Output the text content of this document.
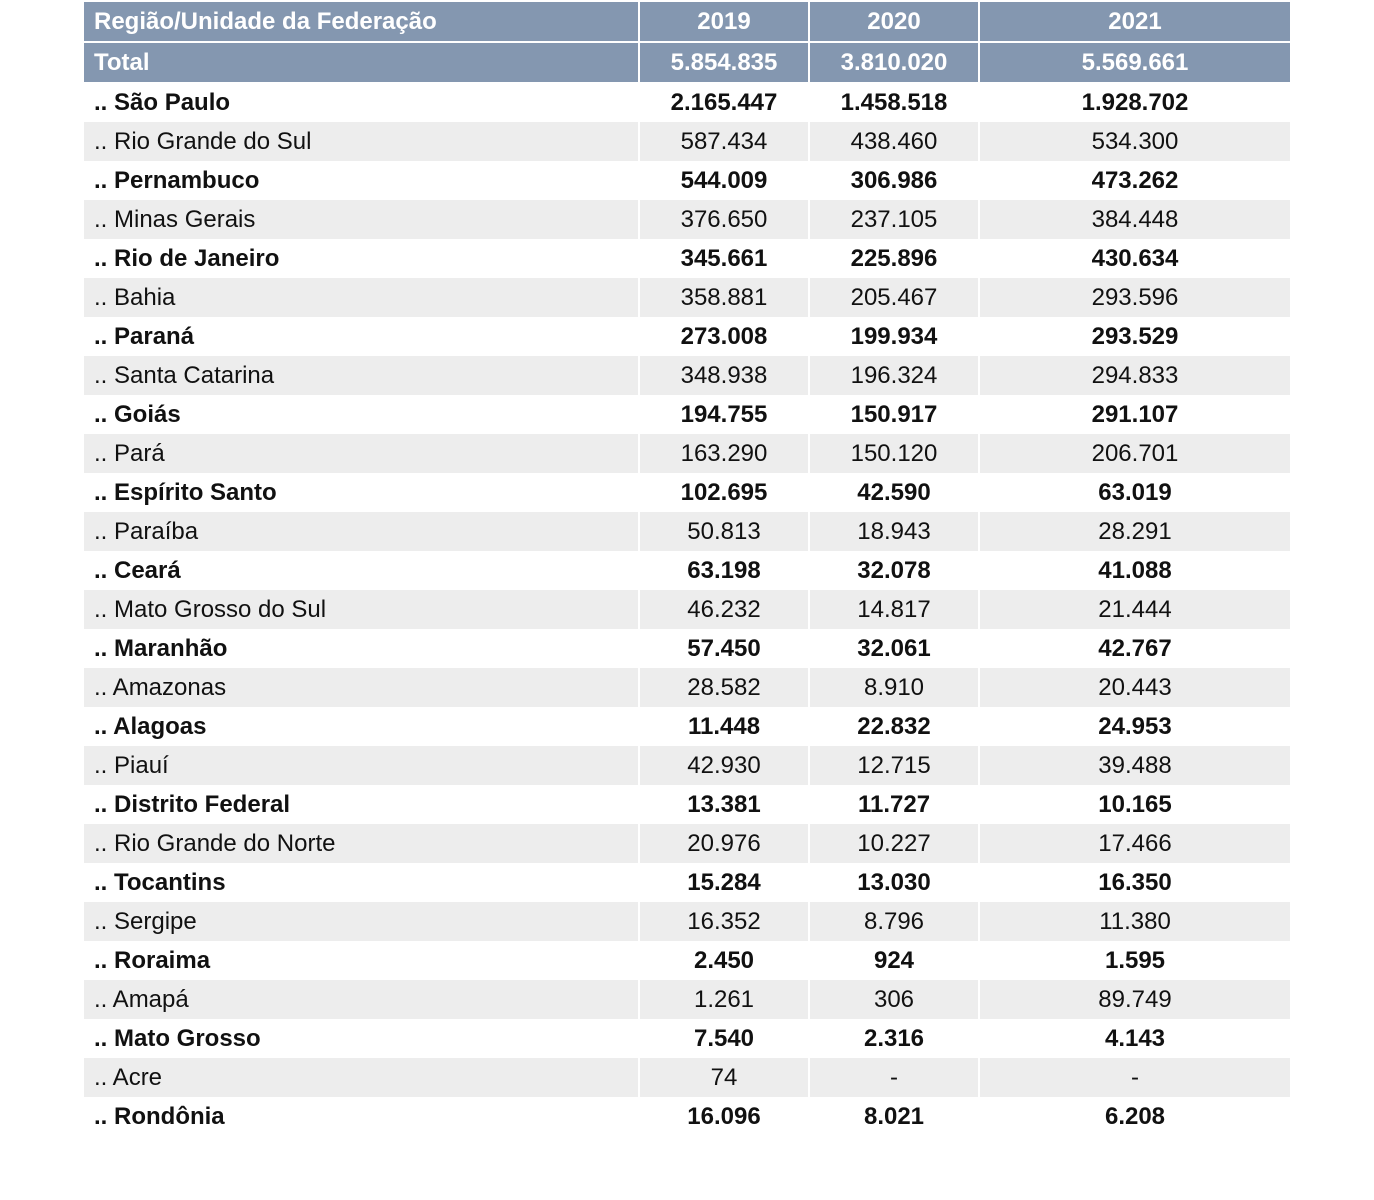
Região/Unidade da Federação	2019	2020	2021
Total	5.854.835	3.810.020	5.569.661
.. São Paulo	2.165.447	1.458.518	1.928.702
.. Rio Grande do Sul	587.434	438.460	534.300
.. Pernambuco	544.009	306.986	473.262
.. Minas Gerais	376.650	237.105	384.448
.. Rio de Janeiro	345.661	225.896	430.634
.. Bahia	358.881	205.467	293.596
.. Paraná	273.008	199.934	293.529
.. Santa Catarina	348.938	196.324	294.833
.. Goiás	194.755	150.917	291.107
.. Pará	163.290	150.120	206.701
.. Espírito Santo	102.695	42.590	63.019
.. Paraíba	50.813	18.943	28.291
.. Ceará	63.198	32.078	41.088
.. Mato Grosso do Sul	46.232	14.817	21.444
.. Maranhão	57.450	32.061	42.767
.. Amazonas	28.582	8.910	20.443
.. Alagoas	11.448	22.832	24.953
.. Piauí	42.930	12.715	39.488
.. Distrito Federal	13.381	11.727	10.165
.. Rio Grande do Norte	20.976	10.227	17.466
.. Tocantins	15.284	13.030	16.350
.. Sergipe	16.352	8.796	11.380
.. Roraima	2.450	924	1.595
.. Amapá	1.261	306	89.749
.. Mato Grosso	7.540	2.316	4.143
.. Acre	74	-	-
.. Rondônia	16.096	8.021	6.208
